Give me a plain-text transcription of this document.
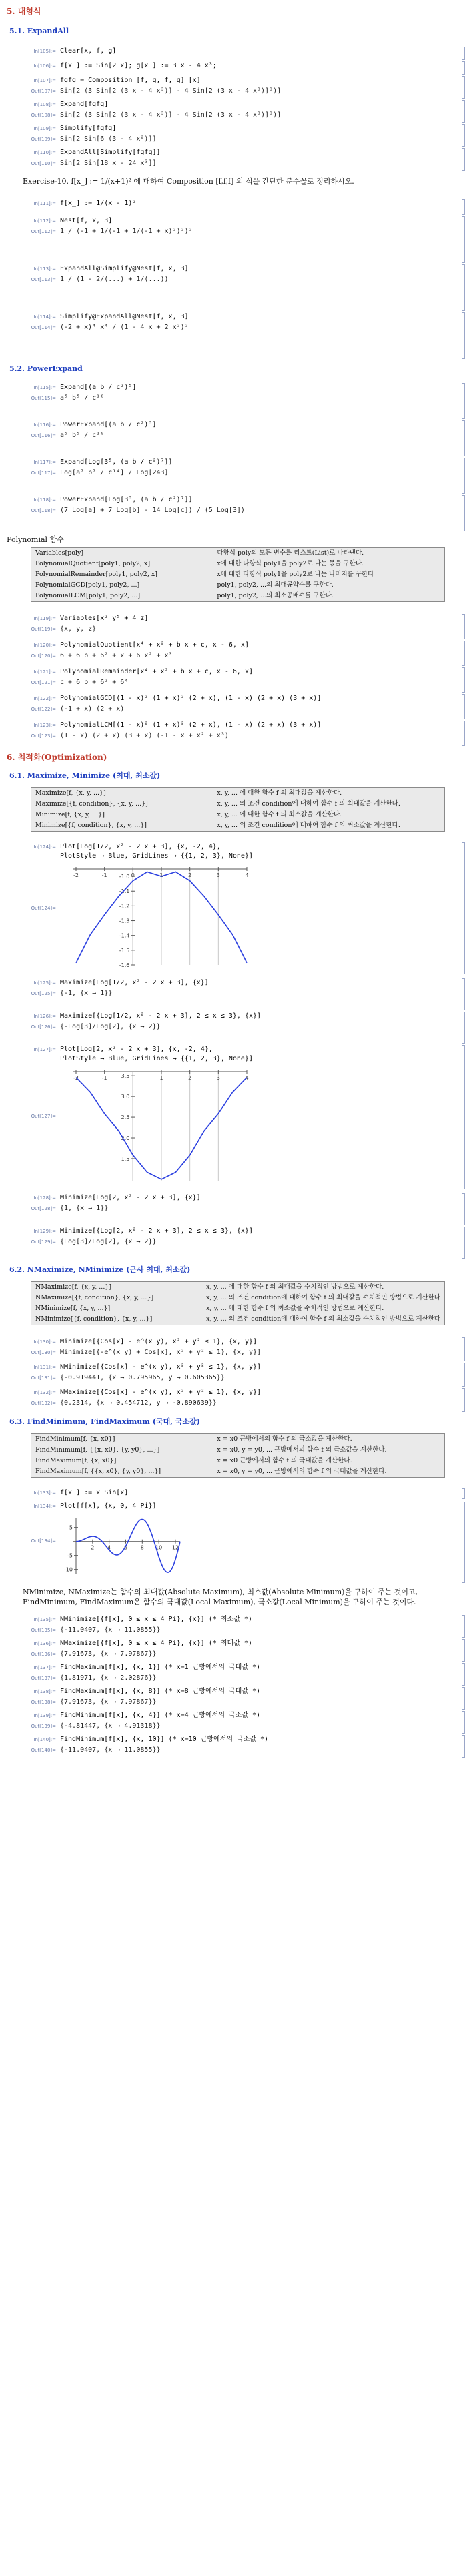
5. 대형식
5.1. ExpandAll
In[105]:= Clear[x, f, g]
In[106]:= f[x_] := Sin[2 x]; g[x_] := 3 x - 4 x³;
In[107]:= fgfg = Composition [f, g, f, g] [x]
Out[107]= Sin[2 (3 Sin[2 (3 x - 4 x³)] - 4 Sin[2 (3 x - 4 x³)]³)]
In[108]:= Expand[fgfg]
Out[108]= Sin[2 (3 Sin[2 (3 x - 4 x³)] - 4 Sin[2 (3 x - 4 x³)]³)]
In[109]:= Simplify[fgfg]
Out[109]= Sin[2 Sin[6 (3 - 4 x²)]]
In[110]:= ExpandAll[Simplify[fgfg]]
Out[110]= Sin[2 Sin[18 x - 24 x³]]
Exercise-10. f[x_] := 1/(x+1)² 에 대하여 Composition [f,f,f] 의 식을 간단한 분수꼴로 정리하시오.
In[111]:= f[x_] := 1/(x - 1)²
In[112]:= Nest[f, x, 3]
Out[112]= 1 / (-1 + 1/(-1 + 1/(-1 + x)²)²)²
In[113]:= ExpandAll@Simplify@Nest[f, x, 3]
Out[113]= 1 / (1 - 2/(...) + 1/(...))
In[114]:= Simplify@ExpandAll@Nest[f, x, 3]
Out[114]= (-2 + x)⁴ x⁴ / (1 - 4 x + 2 x²)²
5.2. PowerExpand
In[115]:= Expand[(a b / c²)⁵]
Out[115]= a⁵ b⁵ / c¹⁰
In[116]:= PowerExpand[(a b / c²)⁵]
Out[116]= a⁵ b⁵ / c¹⁰
In[117]:= Expand[Log[3⁵, (a b / c²)⁷]]
Out[117]= Log[a⁷ b⁷ / c¹⁴] / Log[243]
In[118]:= PowerExpand[Log[3⁵, (a b / c²)⁷]]
Out[118]= (7 Log[a] + 7 Log[b] - 14 Log[c]) / (5 Log[3])
Polynomial 함수
Variables[poly]	다항식 poly의 모든 변수를 리스트(List)로 나타낸다.
PolynomialQuotient[poly1, poly2, x]	x에 대한 다항식 poly1을 poly2로 나눈 몫을 구한다.
PolynomialRemainder[poly1, poly2, x]	x에 대한 다항식 poly1을 poly2로 나눈 나머지를 구한다
PolynomialGCD[poly1, poly2, ...]	poly1, poly2, ...의 최대공약수를 구한다.
PolynomialLCM[poly1, poly2, ...]	poly1, poly2, ...의 최소공배수를 구한다.
In[119]:= Variables[x² y⁵ + 4 z]
Out[119]= {x, y, z}
In[120]:= PolynomialQuotient[x⁴ + x² + b x + c, x - 6, x]
Out[120]= 6 + 6 b + 6² + x + 6 x² + x³
In[121]:= PolynomialRemainder[x⁴ + x² + b x + c, x - 6, x]
Out[121]= c + 6 b + 6² + 6⁴
In[122]:= PolynomialGCD[(1 - x)² (1 + x)² (2 + x), (1 - x) (2 + x) (3 + x)]
Out[122]= (-1 + x) (2 + x)
In[123]:= PolynomialLCM[(1 - x)² (1 + x)² (2 + x), (1 - x) (2 + x) (3 + x)]
Out[123]= (1 - x) (2 + x) (3 + x) (-1 - x + x² + x³)
6. 최적화(Optimization)
6.1. Maximize, Minimize (최대, 최소값)
Maximize[f, {x, y, ...}]	x, y, ... 에 대한 함수 f 의 최대값을 계산한다.
Maximize[{f, condition}, {x, y, ...}]	x, y, ... 의 조건 condition에 대하여 함수 f 의 최대값을 계산한다.
Minimize[f, {x, y, ...}]	x, y, ... 에 대한 함수 f 의 최소값을 계산한다.
Minimize[{f, condition}, {x, y, ...}]	x, y, ... 의 조건 condition에 대하여 함수 f 의 최소값을 계산한다.
In[124]:= Plot[Log[1/2, x² - 2 x + 3], {x, -2, 4},
PlotStyle → Blue, GridLines → {{1, 2, 3}, None}]
Out[124]=
-2	-1	0	1	2	3	4
-1.0
-1.1
-1.2
-1.3
-1.4
-1.5
-1.6
In[125]:= Maximize[Log[1/2, x² - 2 x + 3], {x}]
Out[125]= {-1, {x → 1}}
In[126]:= Maximize[{Log[1/2, x² - 2 x + 3], 2 ≤ x ≤ 3}, {x}]
Out[126]= {-Log[3]/Log[2], {x → 2}}
In[127]:= Plot[Log[2, x² - 2 x + 3], {x, -2, 4},
PlotStyle → Blue, GridLines → {{1, 2, 3}, None}]
Out[127]=
-2	-1	1	2	3	4
1.5
2.0
2.5
3.0
3.5
In[128]:= Minimize[Log[2, x² - 2 x + 3], {x}]
Out[128]= {1, {x → 1}}
In[129]:= Minimize[{Log[2, x² - 2 x + 3], 2 ≤ x ≤ 3}, {x}]
Out[129]= {Log[3]/Log[2], {x → 2}}
6.2. NMaximize, NMinimize (근사 최대, 최소값)
NMaximize[f, {x, y, ...}]	x, y, ... 에 대한 함수 f 의 최대값을 수치적인 방법으로 계산한다.
NMaximize[{f, condition}, {x, y, ...}]	x, y, ... 의 조건 condition에 대하여 함수 f 의 최대값을 수치적인 방법으로 계산한다
NMinimize[f, {x, y, ...}]	x, y, ... 에 대한 함수 f 의 최소값을 수치적인 방법으로 계산한다.
NMinimize[{f, condition}, {x, y, ...}]	x, y, ... 의 조건 condition에 대하여 함수 f 의 최소값을 수치적인 방법으로 계산한다
In[130]:= Minimize[{Cos[x] - e^(x y), x² + y² ≤ 1}, {x, y}]
Out[130]= Minimize[{-e^(x y) + Cos[x], x² + y² ≤ 1}, {x, y}]
In[131]:= NMinimize[{Cos[x] - e^(x y), x² + y² ≤ 1}, {x, y}]
Out[131]= {-0.919441, {x → 0.795965, y → 0.605365}}
In[132]:= NMaximize[{Cos[x] - e^(x y), x² + y² ≤ 1}, {x, y}]
Out[132]= {0.2314, {x → 0.454712, y → -0.890639}}
6.3. FindMinimum, FindMaximum (국대, 국소값)
FindMinimum[f, {x, x0}]	x = x0 근방에서의 함수 f 의 극소값을 계산한다.
FindMinimum[f, {{x, x0}, {y, y0}, ...}]	x = x0, y = y0, ... 근방에서의 함수 f 의 극소값을 계산한다.
FindMaximum[f, {x, x0}]	x = x0 근방에서의 함수 f 의 극대값을 계산한다.
FindMaximum[f, {{x, x0}, {y, y0}, ...}]	x = x0, y = y0, ... 근방에서의 함수 f 의 극대값을 계산한다.
In[133]:= f[x_] := x Sin[x]
In[134]:= Plot[f[x], {x, 0, 4 Pi}]
Out[134]=
2 4 6 8 10 12
-10
-5
5
NMinimize, NMaximize는 함수의 최대값(Absolute Maximum), 최소값(Absolute Minimum)을 구하여 주는 것이고, FindMinimum, FindMaximum은 함수의 극대값(Local Maximum), 극소값(Local Minimum)을 구하여 주는 것이다.
In[135]:= NMinimize[{f[x], 0 ≤ x ≤ 4 Pi}, {x}] (* 최소값 *)
Out[135]= {-11.0407, {x → 11.0855}}
In[136]:= NMaximize[{f[x], 0 ≤ x ≤ 4 Pi}, {x}] (* 최대값 *)
Out[136]= {7.91673, {x → 7.97867}}
In[137]:= FindMaximum[f[x], {x, 1}] (* x=1 근방에서의 극대값 *)
Out[137]= {1.81971, {x → 2.02876}}
In[138]:= FindMaximum[f[x], {x, 8}] (* x=8 근방에서의 극대값 *)
Out[138]= {7.91673, {x → 7.97867}}
In[139]:= FindMinimum[f[x], {x, 4}] (* x=4 근방에서의 극소값 *)
Out[139]= {-4.81447, {x → 4.91318}}
In[140]:= FindMinimum[f[x], {x, 10}] (* x=10 근방에서의 극소값 *)
Out[140]= {-11.0407, {x → 11.0855}}
